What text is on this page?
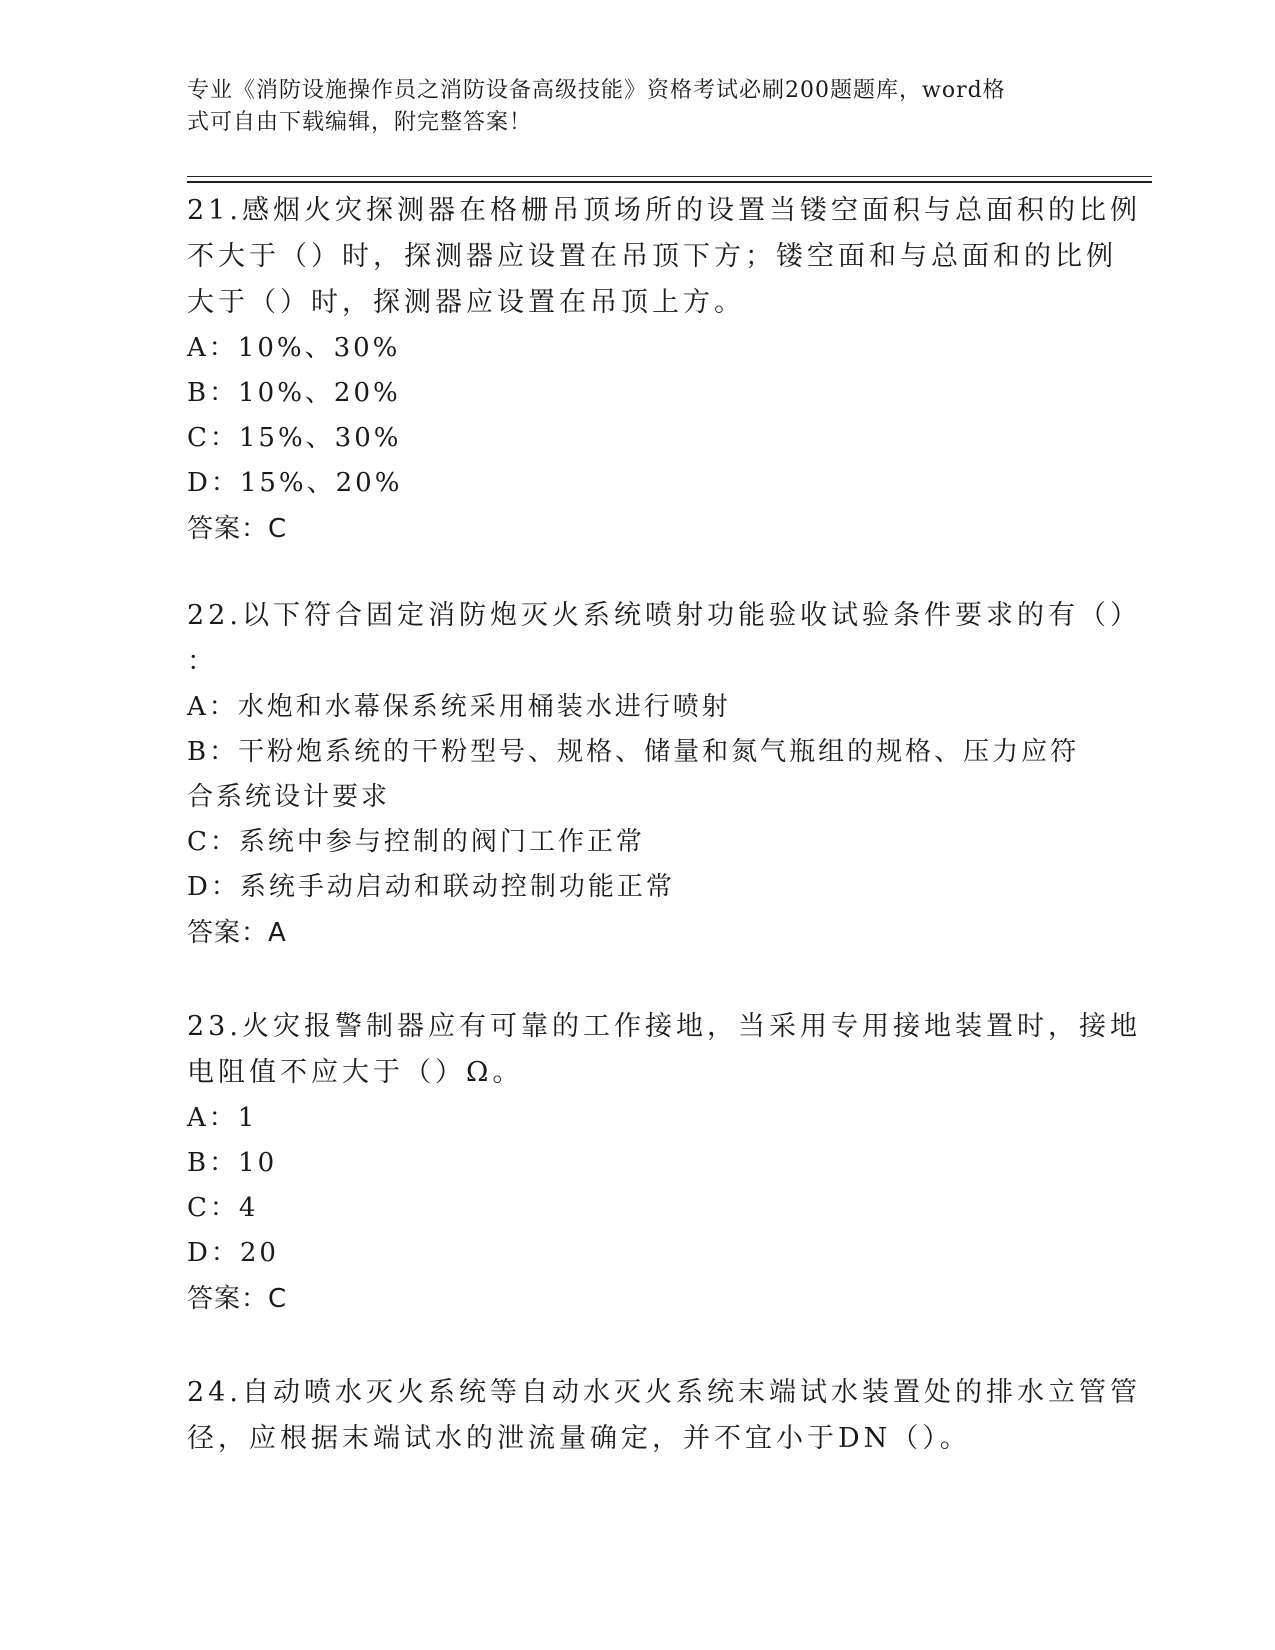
专业《消防设施操作员之消防设备高级技能》资格考试必刷200题题库，word格
式可自由下载编辑，附完整答案！
21.感烟火灾探测器在格栅吊顶场所的设置当镂空面积与总面积的比例
不大于（）时，探测器应设置在吊顶下方；镂空面和与总面和的比例
大于（）时，探测器应设置在吊顶上方。
A：10%、30%
B：10%、20%
C：15%、30%
D：15%、20%
答案：C
22.以下符合固定消防炮灭火系统喷射功能验收试验条件要求的有（）
：
A：水炮和水幕保系统采用桶装水进行喷射
B：干粉炮系统的干粉型号、规格、储量和氮气瓶组的规格、压力应符
合系统设计要求
C：系统中参与控制的阀门工作正常
D：系统手动启动和联动控制功能正常
答案：A
23.火灾报警制器应有可靠的工作接地，当采用专用接地装置时，接地
电阻值不应大于（）Ω。
A：1
B：10
C：4
D：20
答案：C
24.自动喷水灭火系统等自动水灭火系统末端试水装置处的排水立管管
径，应根据末端试水的泄流量确定，并不宜小于DN（）。
